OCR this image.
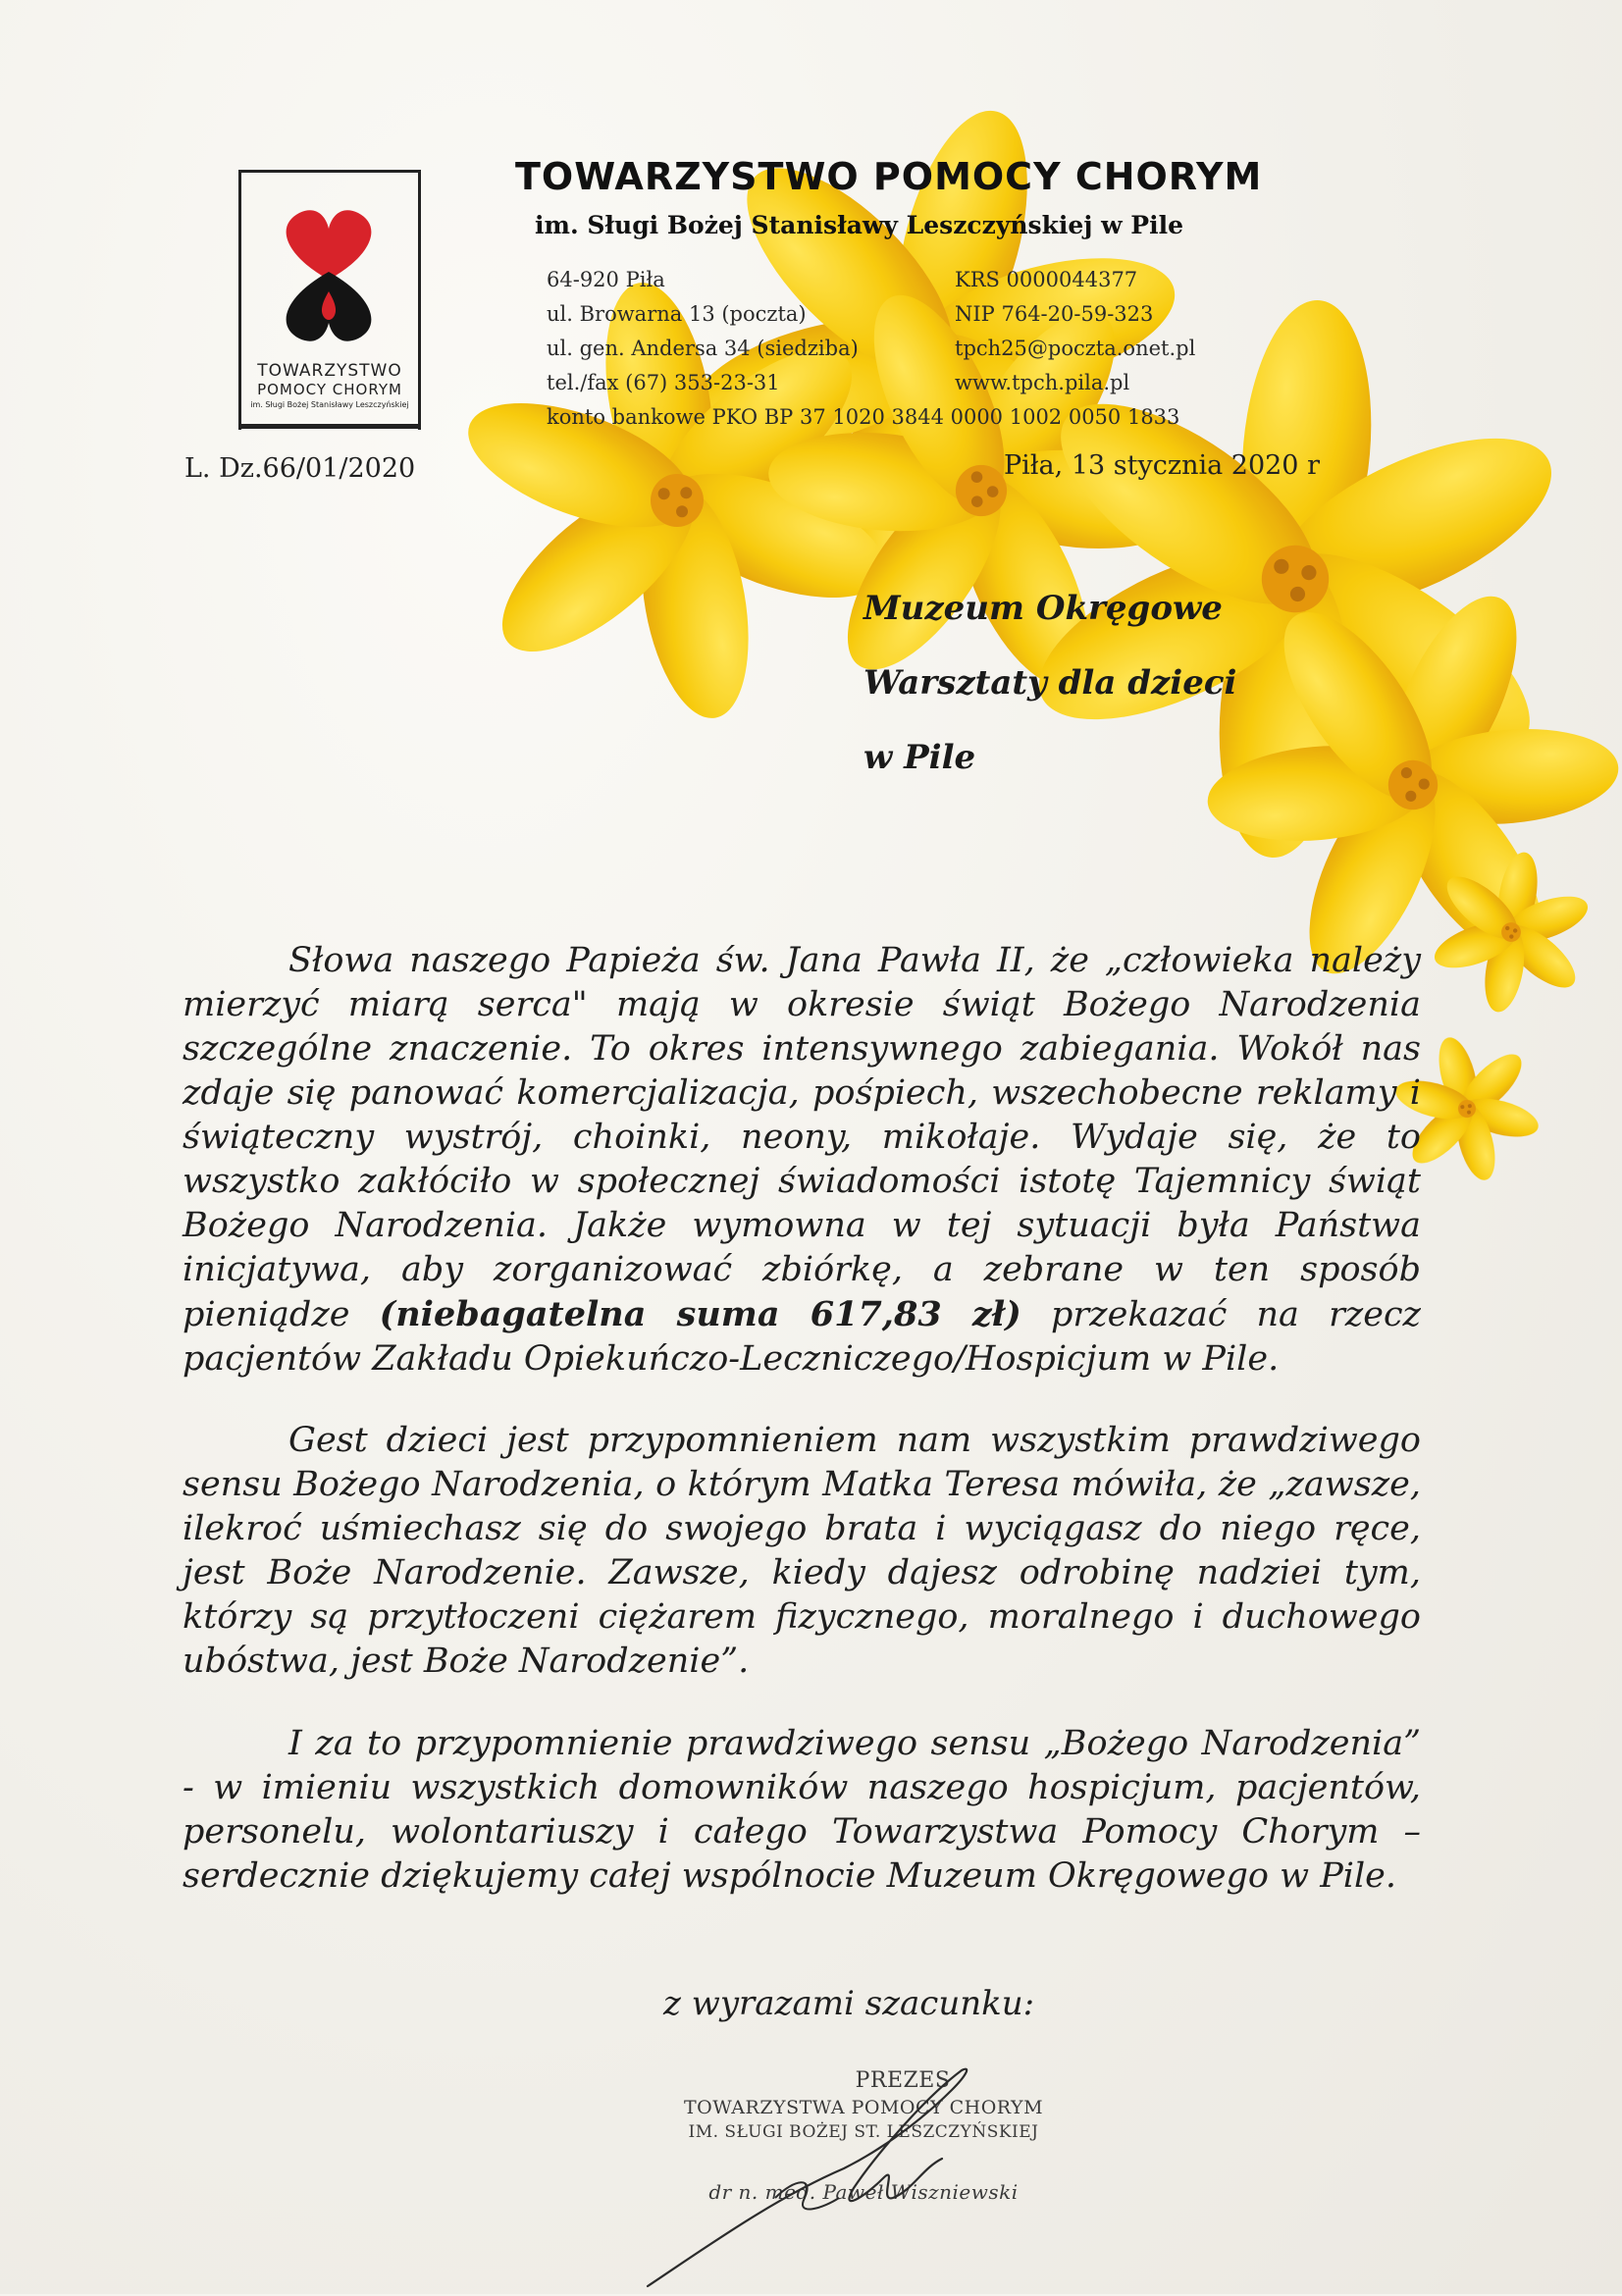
TOWARZYSTWO
POMOCY CHORYM
im. Sługi Bożej Stanisławy Leszczyńskiej
TOWARZYSTWO POMOCY CHORYM
im. Sługi Bożej Stanisławy Leszczyńskiej w Pile
64-920 Piła
ul. Browarna 13 (poczta)
ul. gen. Andersa 34 (siedziba)
tel./fax (67) 353-23-31
KRS 0000044377
NIP 764-20-59-323
tpch25@poczta.onet.pl
www.tpch.pila.pl
konto bankowe PKO BP 37 1020 3844 0000 1002 0050 1833
L. Dz.66/01/2020	Piła, 13 stycznia 2020 r
Muzeum Okręgowe
Warsztaty dla dzieci
w Pile

Słowa naszego Papieża św. Jana Pawła II, że „człowieka należy mierzyć miarą serca" mają w okresie świąt Bożego Narodzenia szczególne znaczenie. To okres intensywnego zabiegania. Wokół nas zdaje się panować komercjalizacja, pośpiech, wszechobecne reklamy i świąteczny wystrój, choinki, neony, mikołaje. Wydaje się, że to wszystko zakłóciło w społecznej świadomości istotę Tajemnicy świąt Bożego Narodzenia. Jakże wymowna w tej sytuacji była Państwa inicjatywa, aby zorganizować zbiórkę, a zebrane w ten sposób pieniądze (niebagatelna suma 617,83 zł) przekazać na rzecz pacjentów Zakładu Opiekuńczo-Leczniczego/Hospicjum w Pile.

Gest dzieci jest przypomnieniem nam wszystkim prawdziwego sensu Bożego Narodzenia, o którym Matka Teresa mówiła, że „zawsze, ilekroć uśmiechasz się do swojego brata i wyciągasz do niego ręce, jest Boże Narodzenie. Zawsze, kiedy dajesz odrobinę nadziei tym, którzy są przytłoczeni ciężarem fizycznego, moralnego i duchowego ubóstwa, jest Boże Narodzenie”.

I za to przypomnienie prawdziwego sensu „Bożego Narodzenia” - w imieniu wszystkich domowników naszego hospicjum, pacjentów, personelu, wolontariuszy i całego Towarzystwa Pomocy Chorym – serdecznie dziękujemy całej wspólnocie Muzeum Okręgowego w Pile.

z wyrazami szacunku:
PREZES
TOWARZYSTWA POMOCY CHORYM
IM. SŁUGI BOŻEJ ST. LESZCZYŃSKIEJ
dr n. med. Paweł Wiszniewski
